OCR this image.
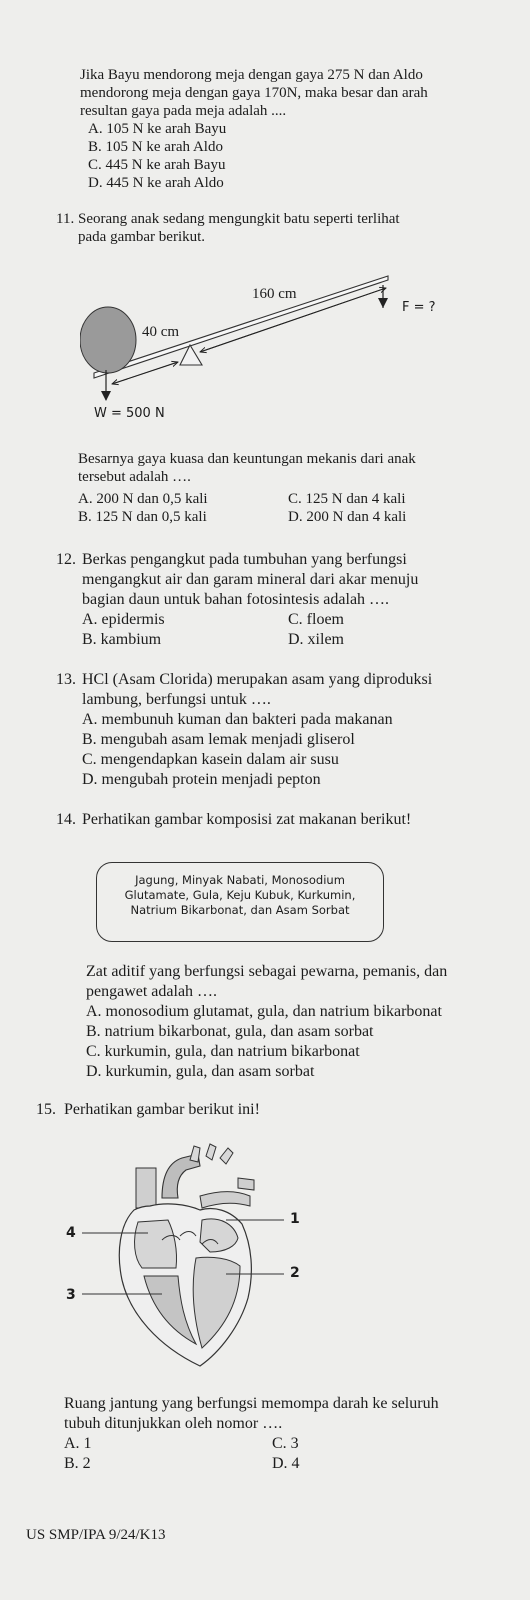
Jika Bayu mendorong meja dengan gaya 275 N dan Aldo
mendorong meja dengan gaya 170N, maka besar dan arah
resultan gaya pada meja adalah ....
A. 105 N ke arah Bayu
B. 105 N ke arah Aldo
C. 445 N ke arah Bayu
D. 445 N ke arah Aldo
11. Seorang anak sedang mengungkit batu seperti terlihat
pada gambar berikut.
160 cm
40 cm
F = ?
W = 500 N
Besarnya gaya kuasa dan keuntungan mekanis dari anak
tersebut adalah ….
A. 200 N dan 0,5 kali	C. 125 N dan 4 kali
B. 125 N dan 0,5 kali	D. 200 N dan 4 kali
12. Berkas pengangkut pada tumbuhan yang berfungsi
mengangkut air dan garam mineral dari akar menuju
bagian daun untuk bahan fotosintesis adalah ….
A. epidermis	C. floem
B. kambium	D. xilem
13. HCl (Asam Clorida) merupakan asam yang diproduksi
lambung, berfungsi untuk ….
A. membunuh kuman dan bakteri pada makanan
B. mengubah asam lemak menjadi gliserol
C. mengendapkan kasein dalam air susu
D. mengubah protein menjadi pepton
14. Perhatikan gambar komposisi zat makanan berikut!
Jagung, Minyak Nabati, Monosodium
Glutamate, Gula, Keju Kubuk, Kurkumin,
Natrium Bikarbonat, dan Asam Sorbat
Zat aditif yang berfungsi sebagai pewarna, pemanis, dan
pengawet adalah ….
A. monosodium glutamat, gula, dan natrium bikarbonat
B. natrium bikarbonat, gula, dan asam sorbat
C. kurkumin, gula, dan natrium bikarbonat
D. kurkumin, gula, dan asam sorbat
15. Perhatikan gambar berikut ini!
1
2
3
4
Ruang jantung yang berfungsi memompa darah ke seluruh
tubuh ditunjukkan oleh nomor ….
A. 1	C. 3
B. 2	D. 4
US SMP/IPA 9/24/K13
